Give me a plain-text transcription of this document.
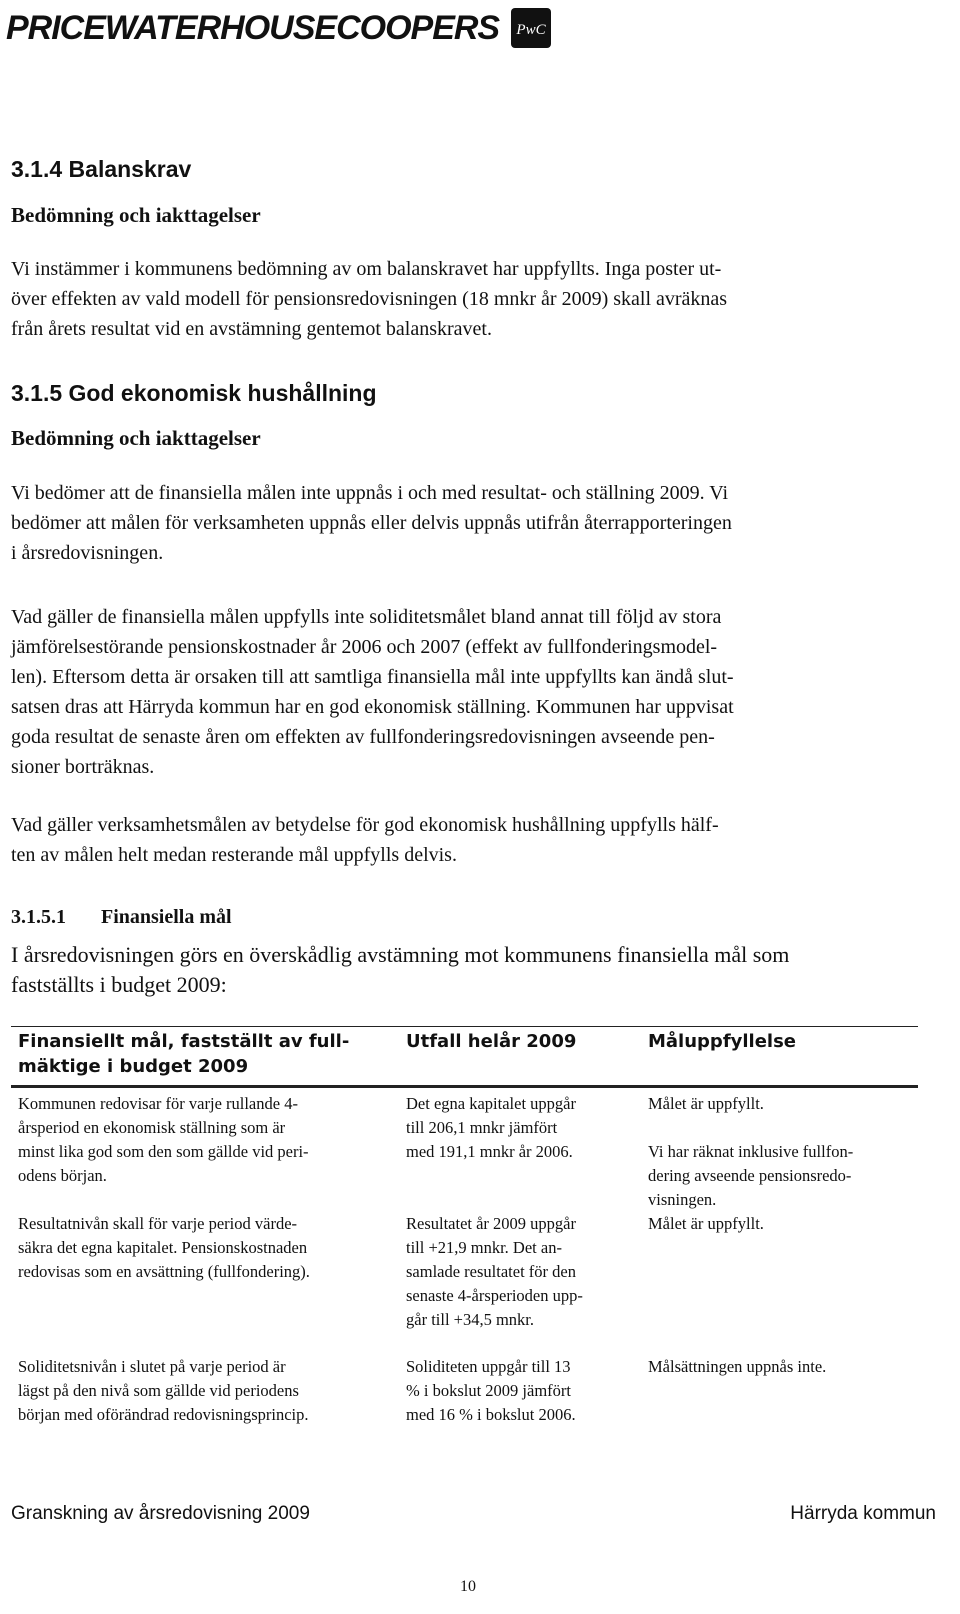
PRICEWATERHOUSECOOPERS PwC
3.1.4 Balanskrav
Bedömning och iakttagelser

Vi instämmer i kommunens bedömning av om balanskravet har uppfyllts. Inga poster ut-
över effekten av vald modell för pensionsredovisningen (18 mnkr år 2009) skall avräknas
från årets resultat vid en avstämning gentemot balanskravet.

3.1.5 God ekonomisk hushållning
Bedömning och iakttagelser

Vi bedömer att de finansiella målen inte uppnås i och med resultat- och ställning 2009. Vi
bedömer att målen för verksamheten uppnås eller delvis uppnås utifrån återrapporteringen
i årsredovisningen.

Vad gäller de finansiella målen uppfylls inte soliditetsmålet bland annat till följd av stora
jämförelsestörande pensionskostnader år 2006 och 2007 (effekt av fullfonderingsmodel-
len). Eftersom detta är orsaken till att samtliga finansiella mål inte uppfyllts kan ändå slut-
satsen dras att Härryda kommun har en god ekonomisk ställning. Kommunen har uppvisat
goda resultat de senaste åren om effekten av fullfonderingsredovisningen avseende pen-
sioner borträknas.

Vad gäller verksamhetsmålen av betydelse för god ekonomisk hushållning uppfylls hälf-
ten av målen helt medan resterande mål uppfylls delvis.

3.1.5.1 Finansiella mål

I årsredovisningen görs en överskådlig avstämning mot kommunens finansiella mål som
fastställts i budget 2009:

Finansiellt mål, fastställt av full-
mäktige i budget 2009
Utfall helår 2009	Måluppfyllelse
Kommunen redovisar för varje rullande 4-
årsperiod en ekonomisk ställning som är
minst lika god som den som gällde vid peri-
odens början.
Det egna kapitalet uppgår
till 206,1 mnkr jämfört
med 191,1 mnkr år 2006.
Målet är uppfyllt.
Vi har räknat inklusive fullfon-
dering avseende pensionsredo-
visningen.
Resultatnivån skall för varje period värde-
säkra det egna kapitalet. Pensionskostnaden
redovisas som en avsättning (fullfondering).
Resultatet år 2009 uppgår
till +21,9 mnkr. Det an-
samlade resultatet för den
senaste 4-årsperioden upp-
går till +34,5 mnkr.
Målet är uppfyllt.
Soliditetsnivån i slutet på varje period är
lägst på den nivå som gällde vid periodens
början med oförändrad redovisningsprincip.
Soliditeten uppgår till 13
% i bokslut 2009 jämfört
med 16 % i bokslut 2006.
Målsättningen uppnås inte.
Granskning av årsredovisning 2009	Härryda kommun
10
